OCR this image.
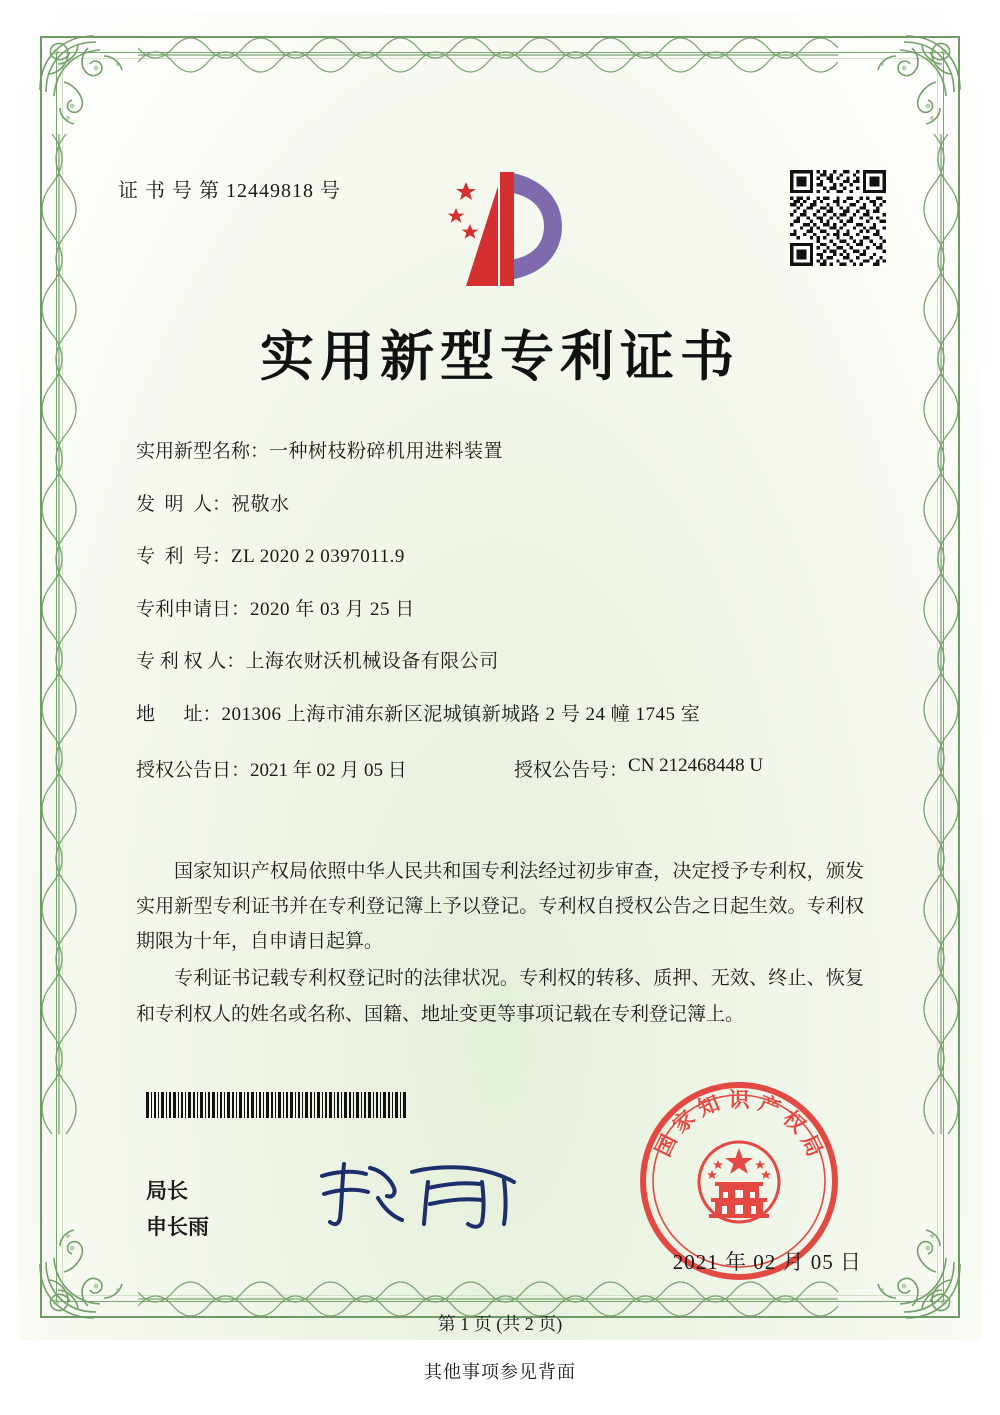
证 书 号 第 12449818 号
实用新型专利证书
实用新型名称： 一种树枝粉碎机用进料装置
发  明  人： 祝敬水
专  利  号： ZL 2020 2 0397011.9
专利申请日： 2020 年 03 月 25 日
专 利 权 人： 上海农财沃机械设备有限公司
地      址： 201306 上海市浦东新区泥城镇新城路 2 号 24 幢 1745 室
授权公告日： 2021 年 02 月 05 日	授权公告号： CN 212468448 U

国家知识产权局依照中华人民共和国专利法经过初步审查，决定授予专利权，颁发实用新型专利证书并在专利登记簿上予以登记。专利权自授权公告之日起生效。专利权期限为十年，自申请日起算。

专利证书记载专利权登记时的法律状况。专利权的转移、质押、无效、终止、恢复和专利权人的姓名或名称、国籍、地址变更等事项记载在专利登记簿上。

局长
申长雨
国
家
知 识 产
权
局
2021 年 02 月 05 日
第 1 页 (共 2 页)
其他事项参见背面
